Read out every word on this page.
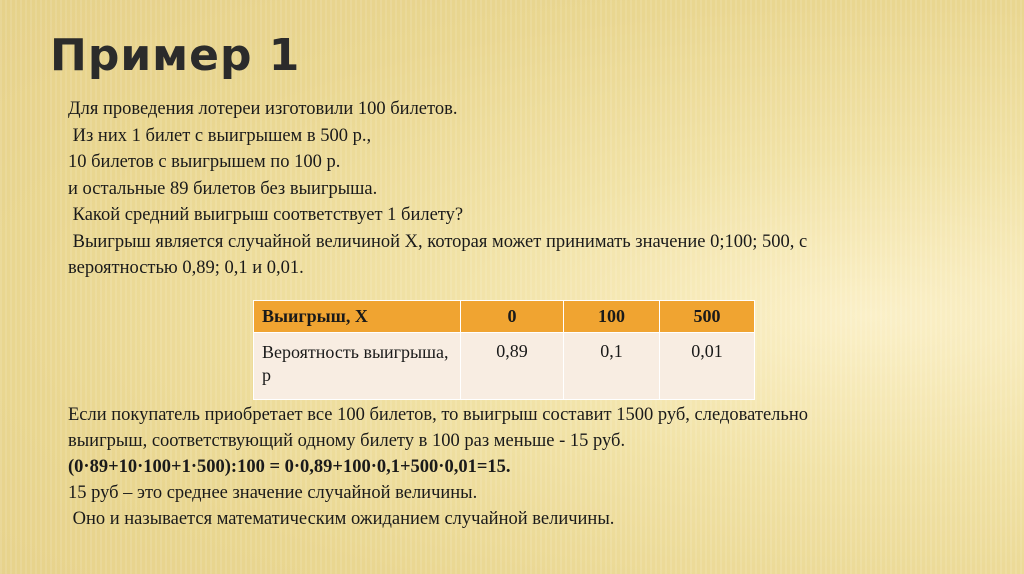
Пример 1
Для проведения лотереи изготовили 100 билетов.
Из них 1 билет с выигрышем в 500 р.,
10 билетов с выигрышем по 100 р.
и остальные 89 билетов без выигрыша.
Какой средний выигрыш соответствует 1 билету?
Выигрыш является случайной величиной Х, которая может принимать значение 0;100; 500, с
вероятностью 0,89; 0,1 и 0,01.
Выигрыш, Х	0	100	500
Вероятность выигрыша, р	0,89	0,1	0,01
Если покупатель приобретает все 100 билетов, то выигрыш составит 1500 руб, следовательно
выигрыш, соответствующий одному билету в 100 раз меньше - 15 руб.
(0·89+10·100+1·500):100 = 0·0,89+100·0,1+500·0,01=15.
15 руб – это среднее значение случайной величины.
Оно и называется математическим ожиданием случайной величины.
